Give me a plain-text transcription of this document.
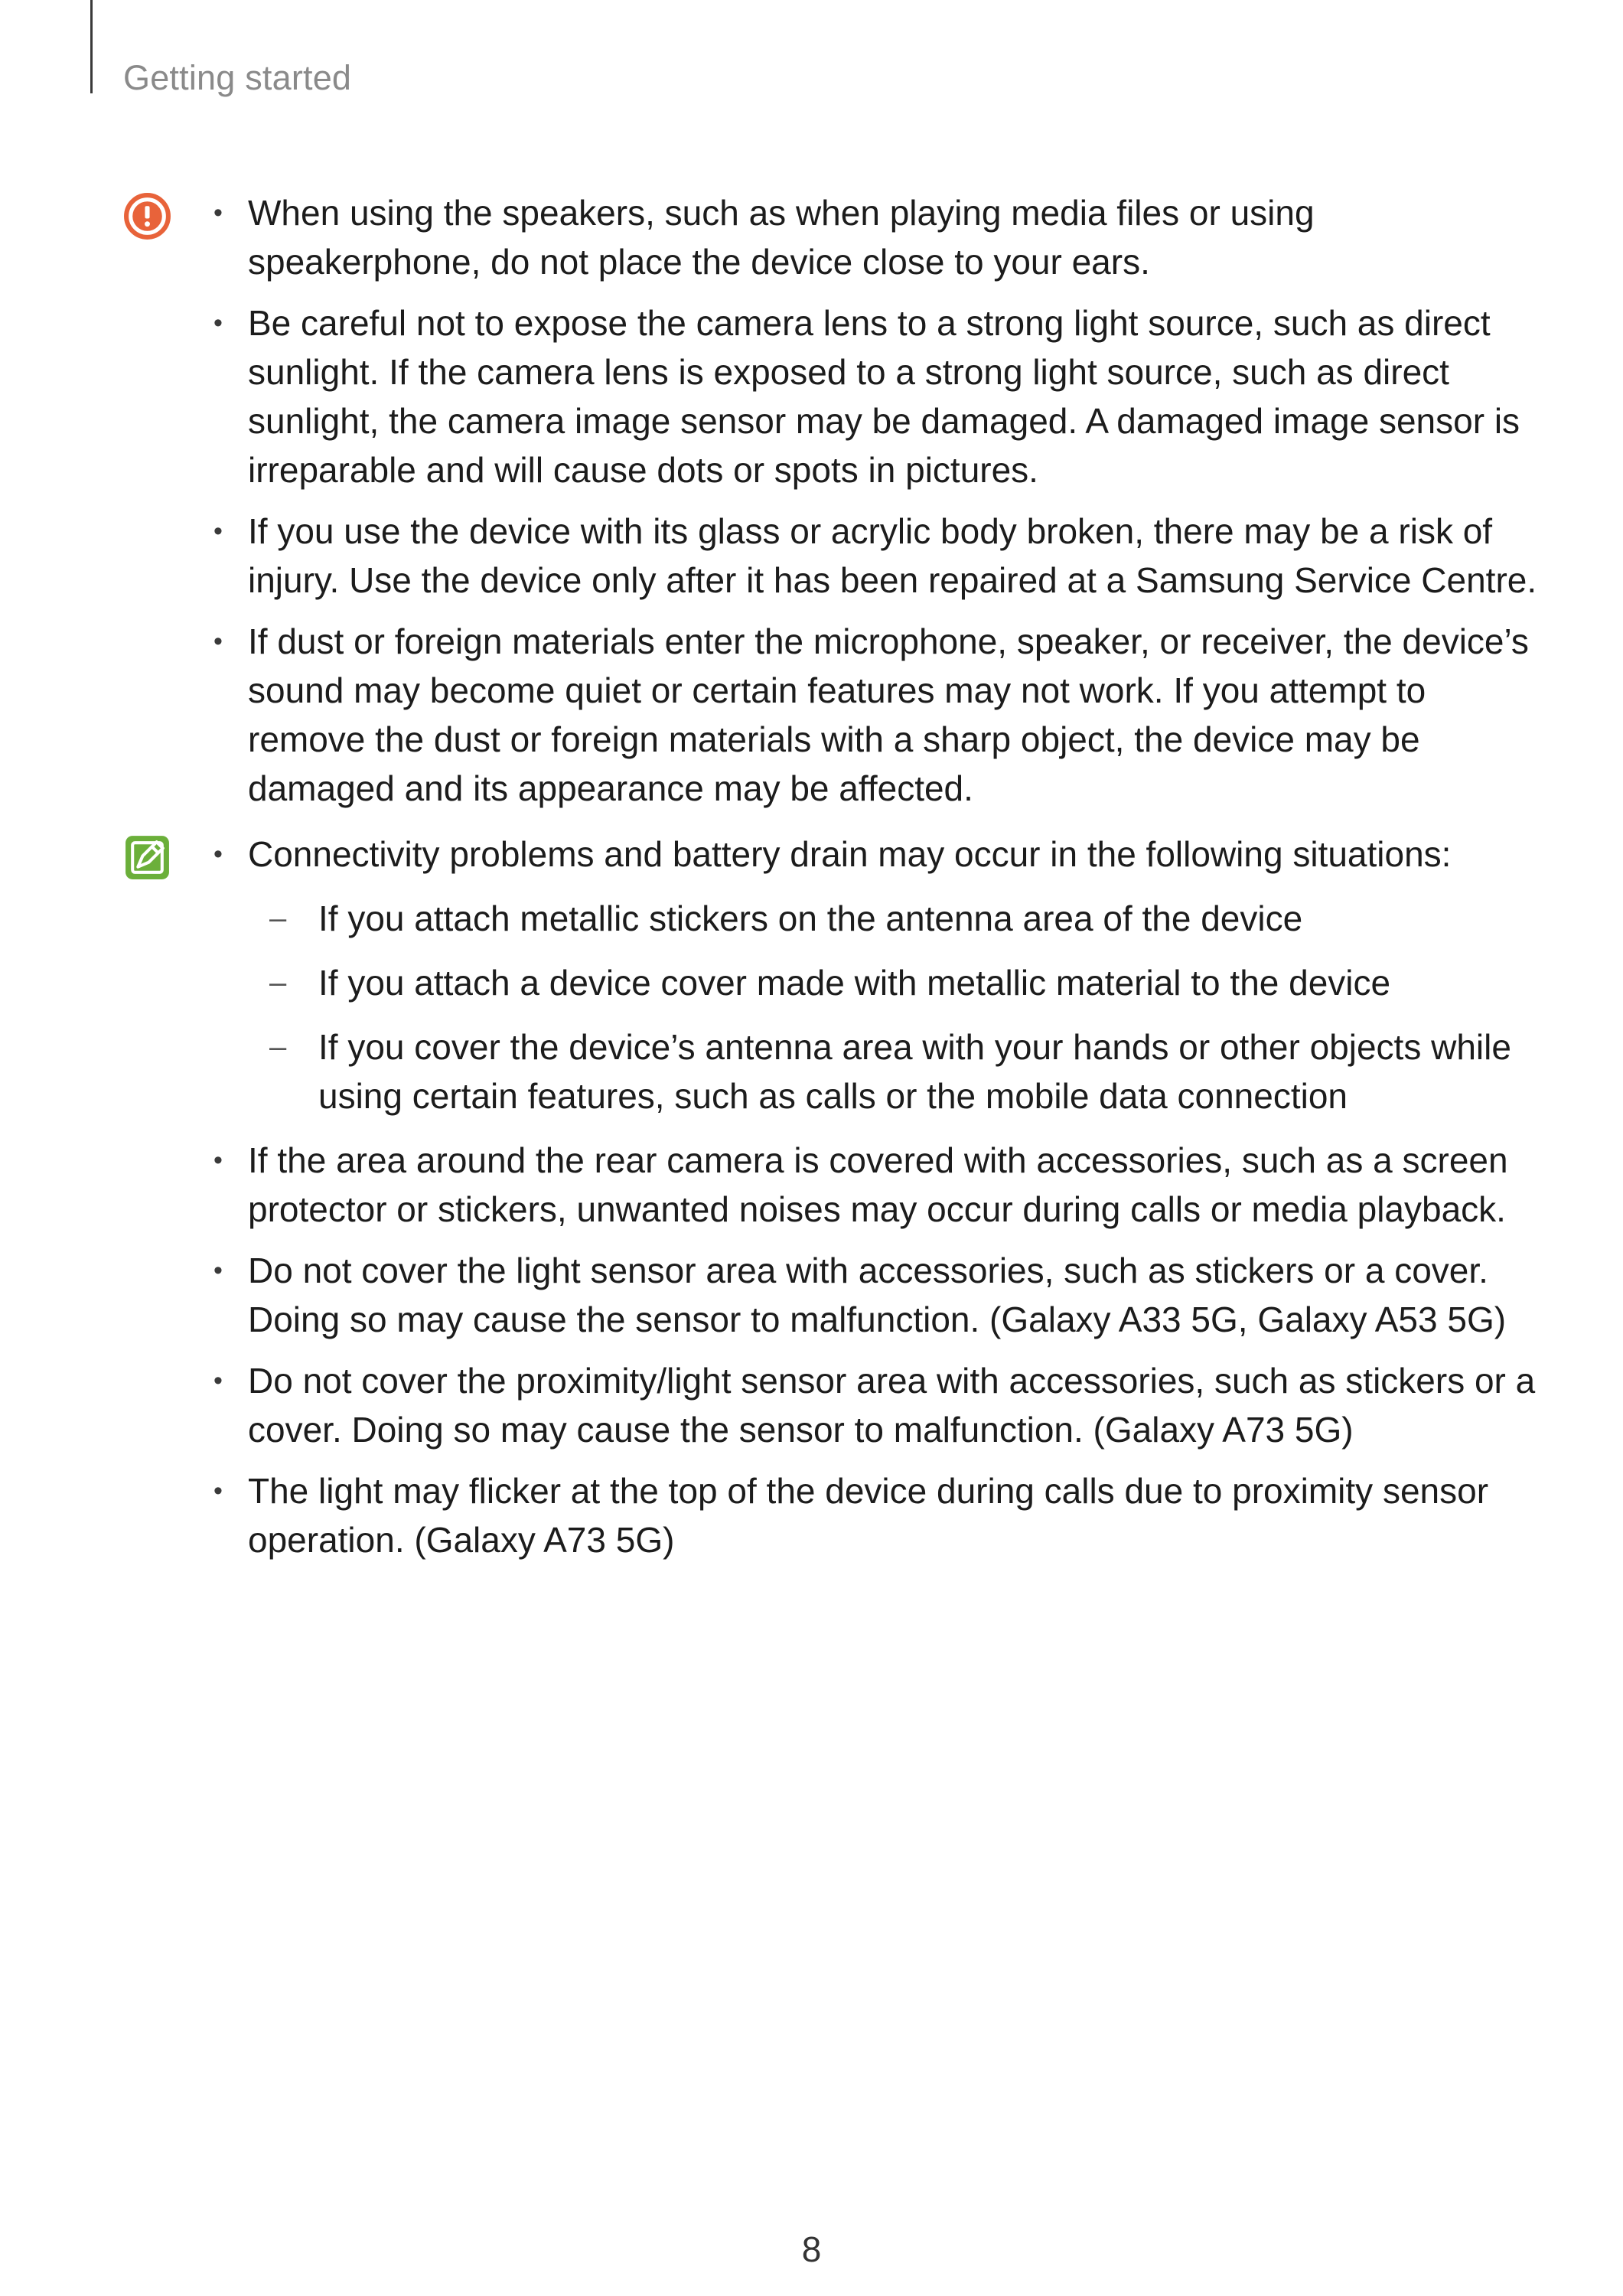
Getting started
• When using the speakers, such as when playing media files or using speakerphone, do not place the device close to your ears.
• Be careful not to expose the camera lens to a strong light source, such as direct sunlight. If the camera lens is exposed to a strong light source, such as direct sunlight, the camera image sensor may be damaged. A damaged image sensor is irreparable and will cause dots or spots in pictures.
• If you use the device with its glass or acrylic body broken, there may be a risk of injury. Use the device only after it has been repaired at a Samsung Service Centre.
• If dust or foreign materials enter the microphone, speaker, or receiver, the device’s sound may become quiet or certain features may not work. If you attempt to remove the dust or foreign materials with a sharp object, the device may be damaged and its appearance may be affected.
• Connectivity problems and battery drain may occur in the following situations:
– If you attach metallic stickers on the antenna area of the device
– If you attach a device cover made with metallic material to the device
– If you cover the device’s antenna area with your hands or other objects while using certain features, such as calls or the mobile data connection
• If the area around the rear camera is covered with accessories, such as a screen protector or stickers, unwanted noises may occur during calls or media playback.
• Do not cover the light sensor area with accessories, such as stickers or a cover. Doing so may cause the sensor to malfunction. (Galaxy A33 5G, Galaxy A53 5G)
• Do not cover the proximity/light sensor area with accessories, such as stickers or a cover. Doing so may cause the sensor to malfunction. (Galaxy A73 5G)
• The light may flicker at the top of the device during calls due to proximity sensor operation. (Galaxy A73 5G)
8
